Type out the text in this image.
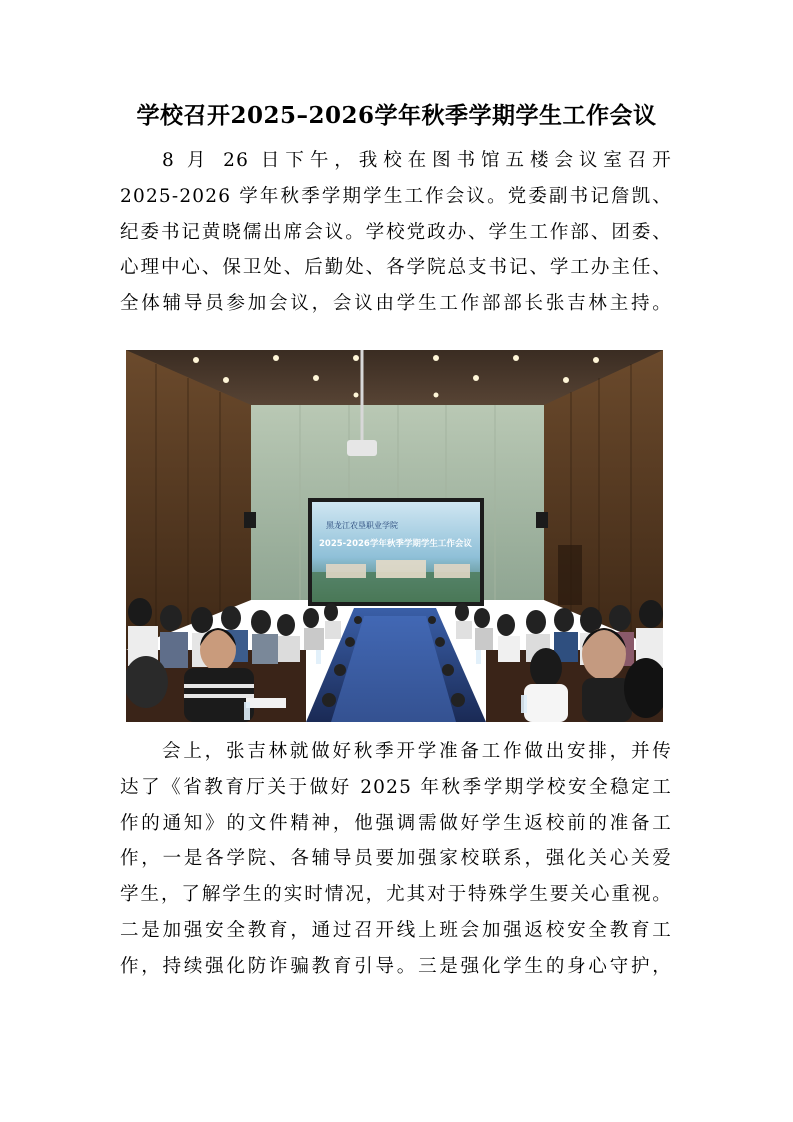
学校召开2025–2026学年秋季学期学生工作会议
8 月 26 日下午，我校在图书馆五楼会议室召开
2025-2026 学年秋季学期学生工作会议。党委副书记詹凯、
纪委书记黄晓儒出席会议。学校党政办、学生工作部、团委、
心理中心、保卫处、后勤处、各学院总支书记、学工办主任、
全体辅导员参加会议，会议由学生工作部部长张吉林主持。
黑龙江农垦职业学院
2025-2026学年秋季学期学生工作会议
会上，张吉林就做好秋季开学准备工作做出安排，并传
达了《省教育厅关于做好 2025 年秋季学期学校安全稳定工
作的通知》的文件精神，他强调需做好学生返校前的准备工
作，一是各学院、各辅导员要加强家校联系，强化关心关爱
学生，了解学生的实时情况，尤其对于特殊学生要关心重视。
二是加强安全教育，通过召开线上班会加强返校安全教育工
作，持续强化防诈骗教育引导。三是强化学生的身心守护，
